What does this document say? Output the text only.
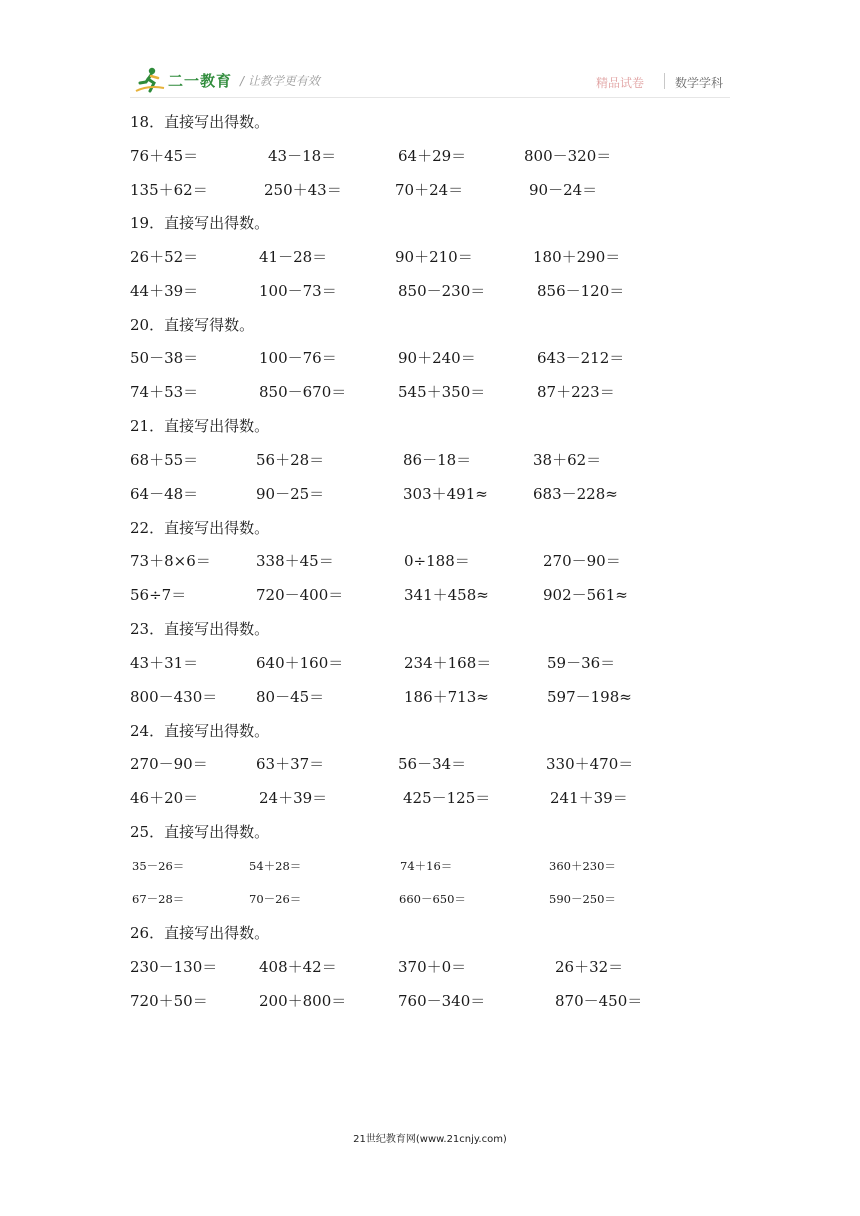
二一教育 / 让教学更有效	精品试卷	数学学科
18．直接写出得数。
76＋45＝	43－18＝	64＋29＝	800－320＝
135＋62＝	250＋43＝	70＋24＝	90－24＝
19．直接写出得数。
26＋52＝	41－28＝	90＋210＝	180＋290＝
44＋39＝	100－73＝	850－230＝	856－120＝
20．直接写得数。
50－38＝	100－76＝	90＋240＝	643－212＝
74＋53＝	850－670＝	545＋350＝	87＋223＝
21．直接写出得数。
68＋55＝	56＋28＝	86－18＝	38＋62＝
64－48＝	90－25＝	303＋491≈	683－228≈
22．直接写出得数。
73＋8×6＝	338＋45＝	0÷188＝	270－90＝
56÷7＝	720－400＝	341＋458≈	902－561≈
23．直接写出得数。
43＋31＝	640＋160＝	234＋168＝	59－36＝
800－430＝	80－45＝	186＋713≈	597－198≈
24．直接写出得数。
270－90＝	63＋37＝	56－34＝	330＋470＝
46＋20＝	24＋39＝	425－125＝	241＋39＝
25．直接写出得数。
35－26＝	54＋28＝	74＋16＝	360＋230＝
67－28＝	70－26＝	660－650＝	590－250＝
26．直接写出得数。
230－130＝	408＋42＝	370＋0＝	26＋32＝
720＋50＝	200＋800＝	760－340＝	870－450＝
21世纪教育网(www.21cnjy.com)
